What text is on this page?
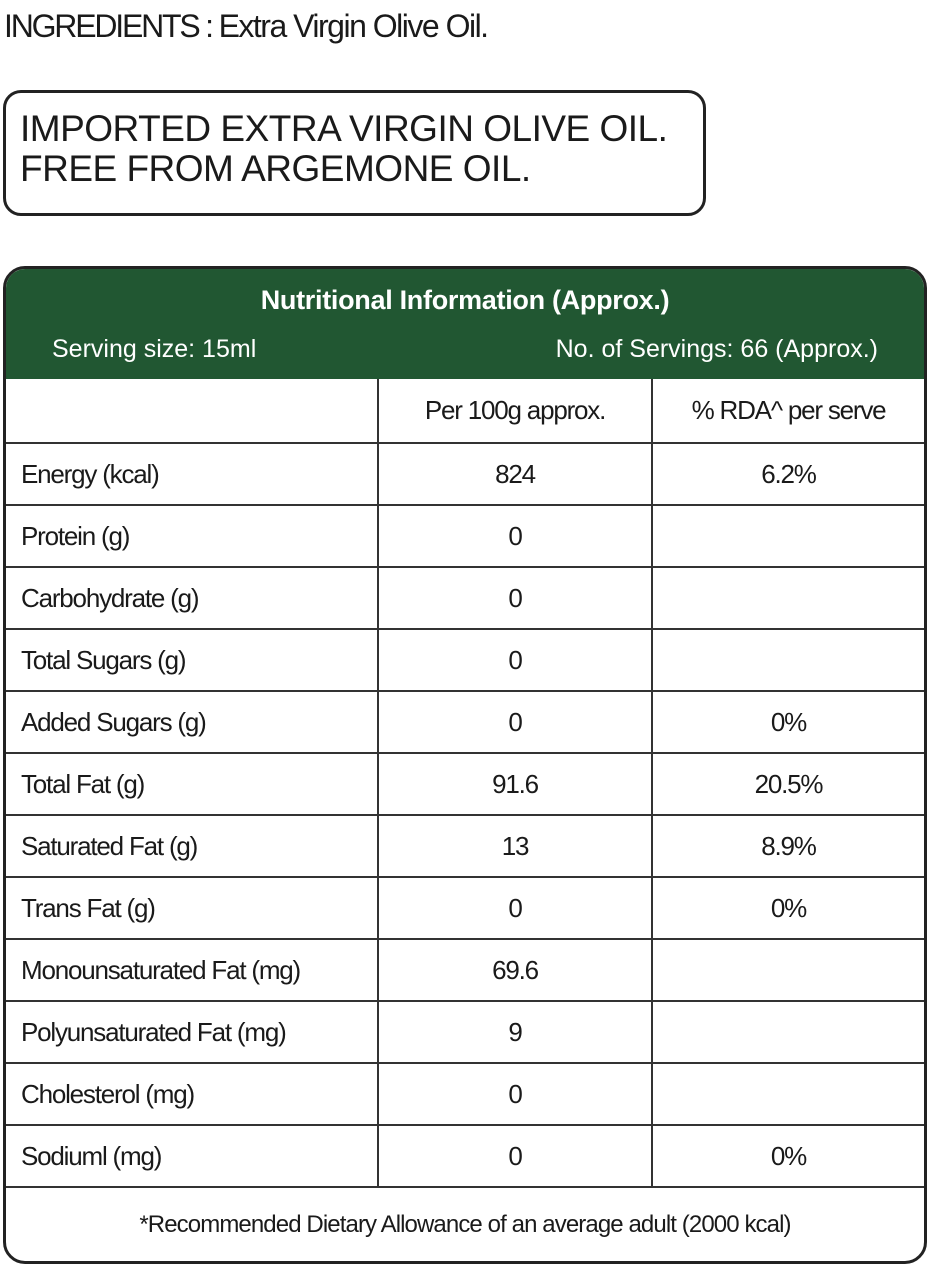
INGREDIENTS : Extra Virgin Olive Oil.
IMPORTED EXTRA VIRGIN OLIVE OIL.
FREE FROM ARGEMONE OIL.
Nutritional Information (Approx.)
Serving size: 15ml	No. of Servings: 66 (Approx.)
	Per 100g approx.	% RDA^ per serve
Energy (kcal)	824	6.2%
Protein (g)	0	
Carbohydrate (g)	0	
Total Sugars (g)	0	
Added Sugars (g)	0	0%
Total Fat (g)	91.6	20.5%
Saturated Fat (g)	13	8.9%
Trans Fat (g)	0	0%
Monounsaturated Fat (mg)	69.6	
Polyunsaturated Fat (mg)	9	
Cholesterol (mg)	0	
Sodiuml (mg)	0	0%
*Recommended Dietary Allowance of an average adult (2000 kcal)
